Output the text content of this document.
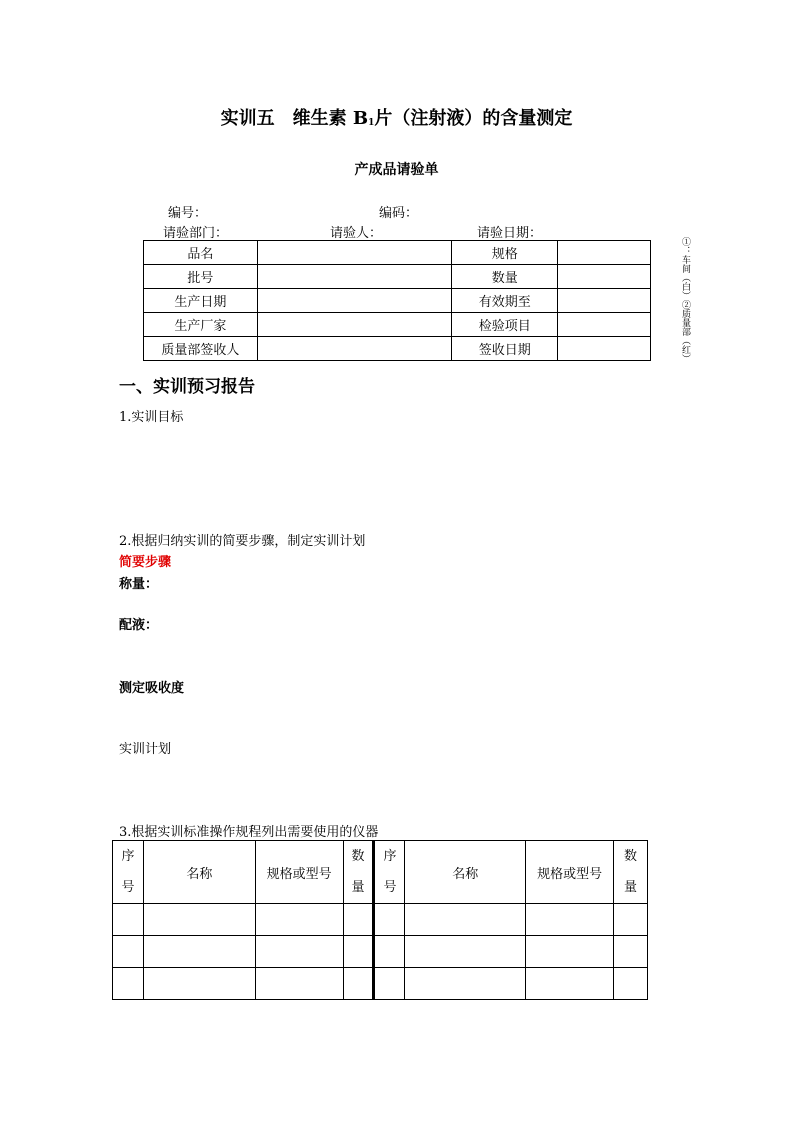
实训五　维生素 $B_1$片（注射液）的含量测定
产成品请验单
编号：	编码：
请验部门：	请验人：	请验日期：
品名		规格	
批号		数量	
生产日期		有效期至	
生产厂家		检验项目	
质量部签收人		签收日期		①：车间（白）②质量部（红）
一、实训预习报告
1.实训目标
2.根据归纳实训的简要步骤，制定实训计划
简要步骤
称量：
配液：
测定吸收度
实训计划
3.根据实训标准操作规程列出需要使用的仪器
序
号	名称	规格或型号	数
量	序
号	名称	规格或型号	数
量
